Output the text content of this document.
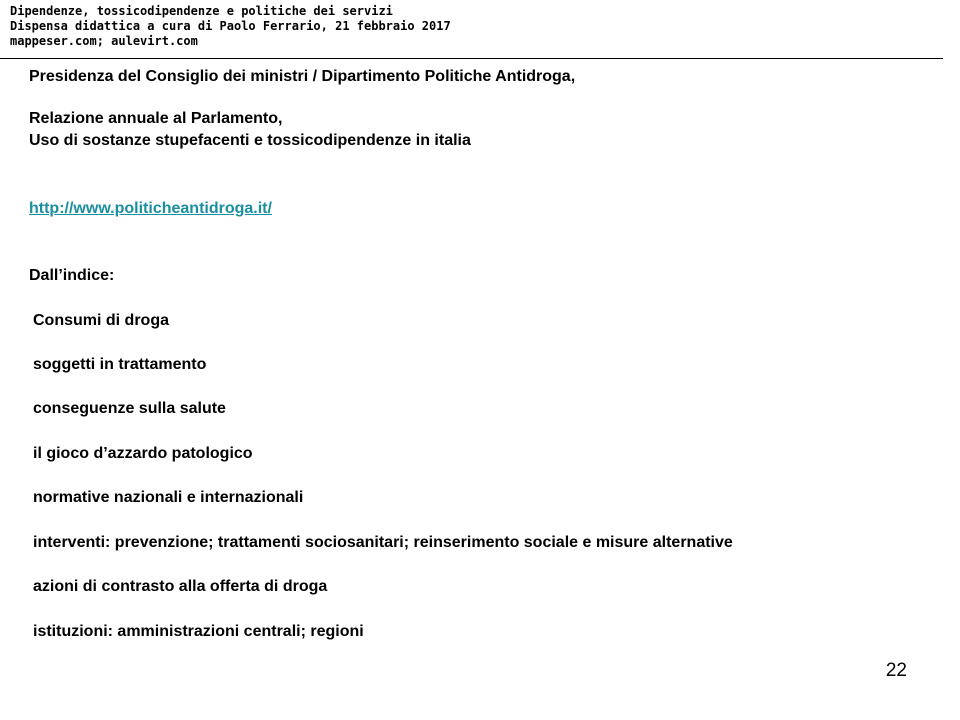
Dipendenze, tossicodipendenze e politiche dei servizi
Dispensa didattica a cura di Paolo Ferrario, 21 febbraio 2017
mappeser.com; aulevirt.com
Presidenza del Consiglio dei ministri / Dipartimento Politiche Antidroga,
Relazione annuale al Parlamento,
Uso di sostanze stupefacenti e tossicodipendenze in italia
http://www.politicheantidroga.it/
Dall’indice:
Consumi di droga
soggetti in trattamento
conseguenze sulla salute
il gioco d’azzardo patologico
normative nazionali e internazionali
interventi: prevenzione; trattamenti sociosanitari; reinserimento sociale e misure alternative
azioni di contrasto alla offerta di droga
istituzioni: amministrazioni centrali; regioni
22
